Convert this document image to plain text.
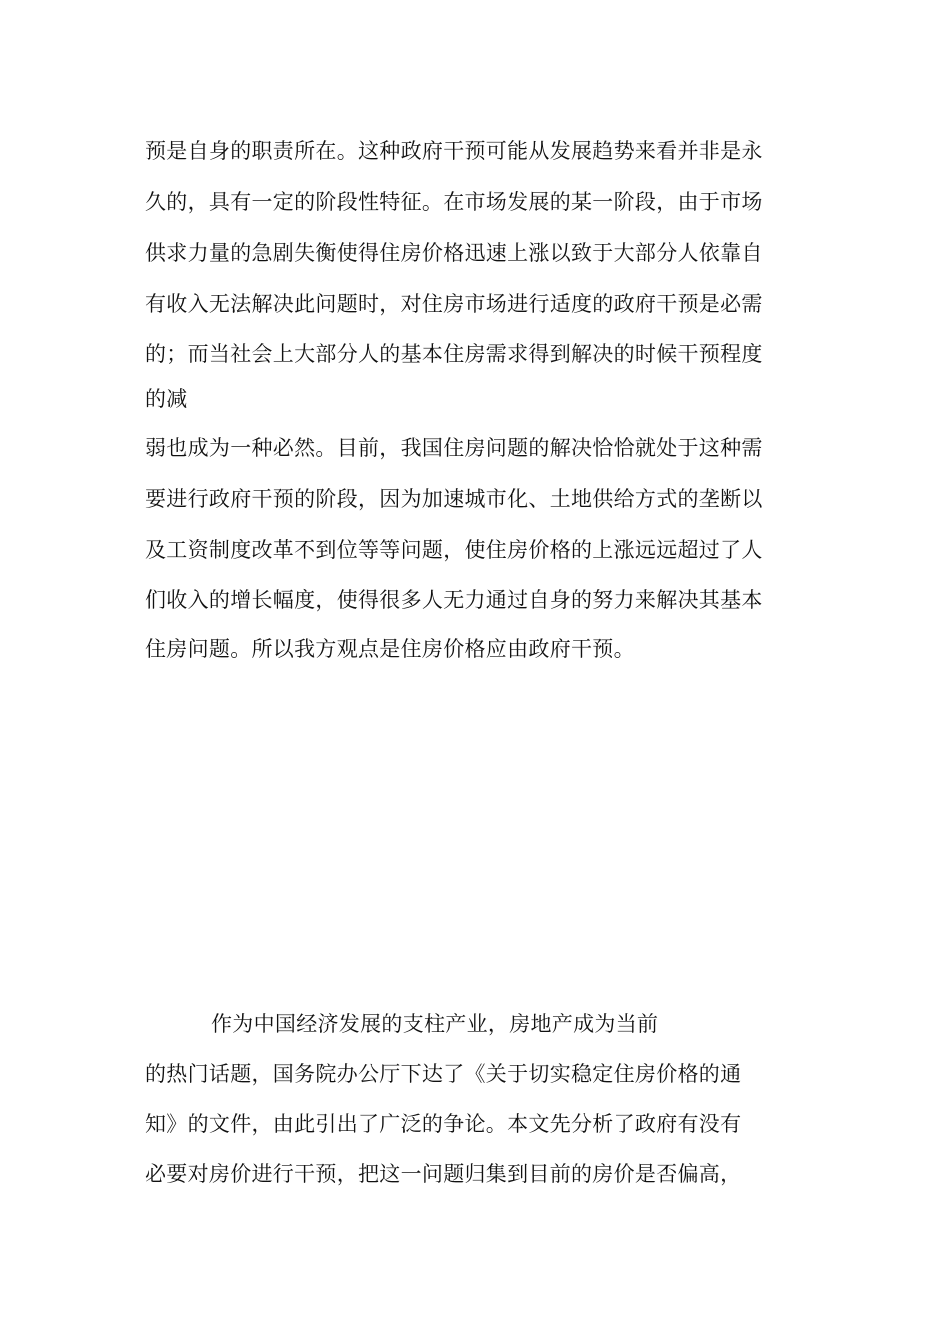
预是自身的职责所在。这种政府干预可能从发展趋势来看并非是永
久的，具有一定的阶段性特征。在市场发展的某一阶段，由于市场
供求力量的急剧失衡使得住房价格迅速上涨以致于大部分人依靠自
有收入无法解决此问题时，对住房市场进行适度的政府干预是必需
的；而当社会上大部分人的基本住房需求得到解决的时候干预程度
的减
弱也成为一种必然。目前，我国住房问题的解决恰恰就处于这种需
要进行政府干预的阶段，因为加速城市化、土地供给方式的垄断以
及工资制度改革不到位等等问题，使住房价格的上涨远远超过了人
们收入的增长幅度，使得很多人无力通过自身的努力来解决其基本
住房问题。所以我方观点是住房价格应由政府干预。
作为中国经济发展的支柱产业，房地产成为当前
的热门话题，国务院办公厅下达了《关于切实稳定住房价格的通
知》的文件，由此引出了广泛的争论。本文先分析了政府有没有
必要对房价进行干预，把这一问题归集到目前的房价是否偏高，
